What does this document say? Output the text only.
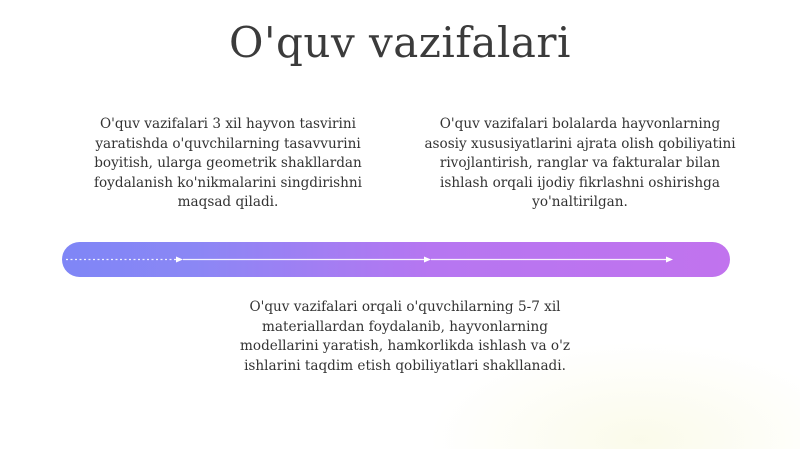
O'quv vazifalari

O'quv vazifalari 3 xil hayvon tasvirini yaratishda o'quvchilarning tasavvurini boyitish, ularga geometrik shakllardan foydalanish ko'nikmalarini singdirishni maqsad qiladi.

O'quv vazifalari bolalarda hayvonlarning asosiy xususiyatlarini ajrata olish qobiliyatini rivojlantirish, ranglar va fakturalar bilan ishlash orqali ijodiy fikrlashni oshirishga yo'naltirilgan.

O'quv vazifalari orqali o'quvchilarning 5-7 xil materiallardan foydalanib, hayvonlarning modellarini yaratish, hamkorlikda ishlash va o'z ishlarini taqdim etish qobiliyatlari shakllanadi.
